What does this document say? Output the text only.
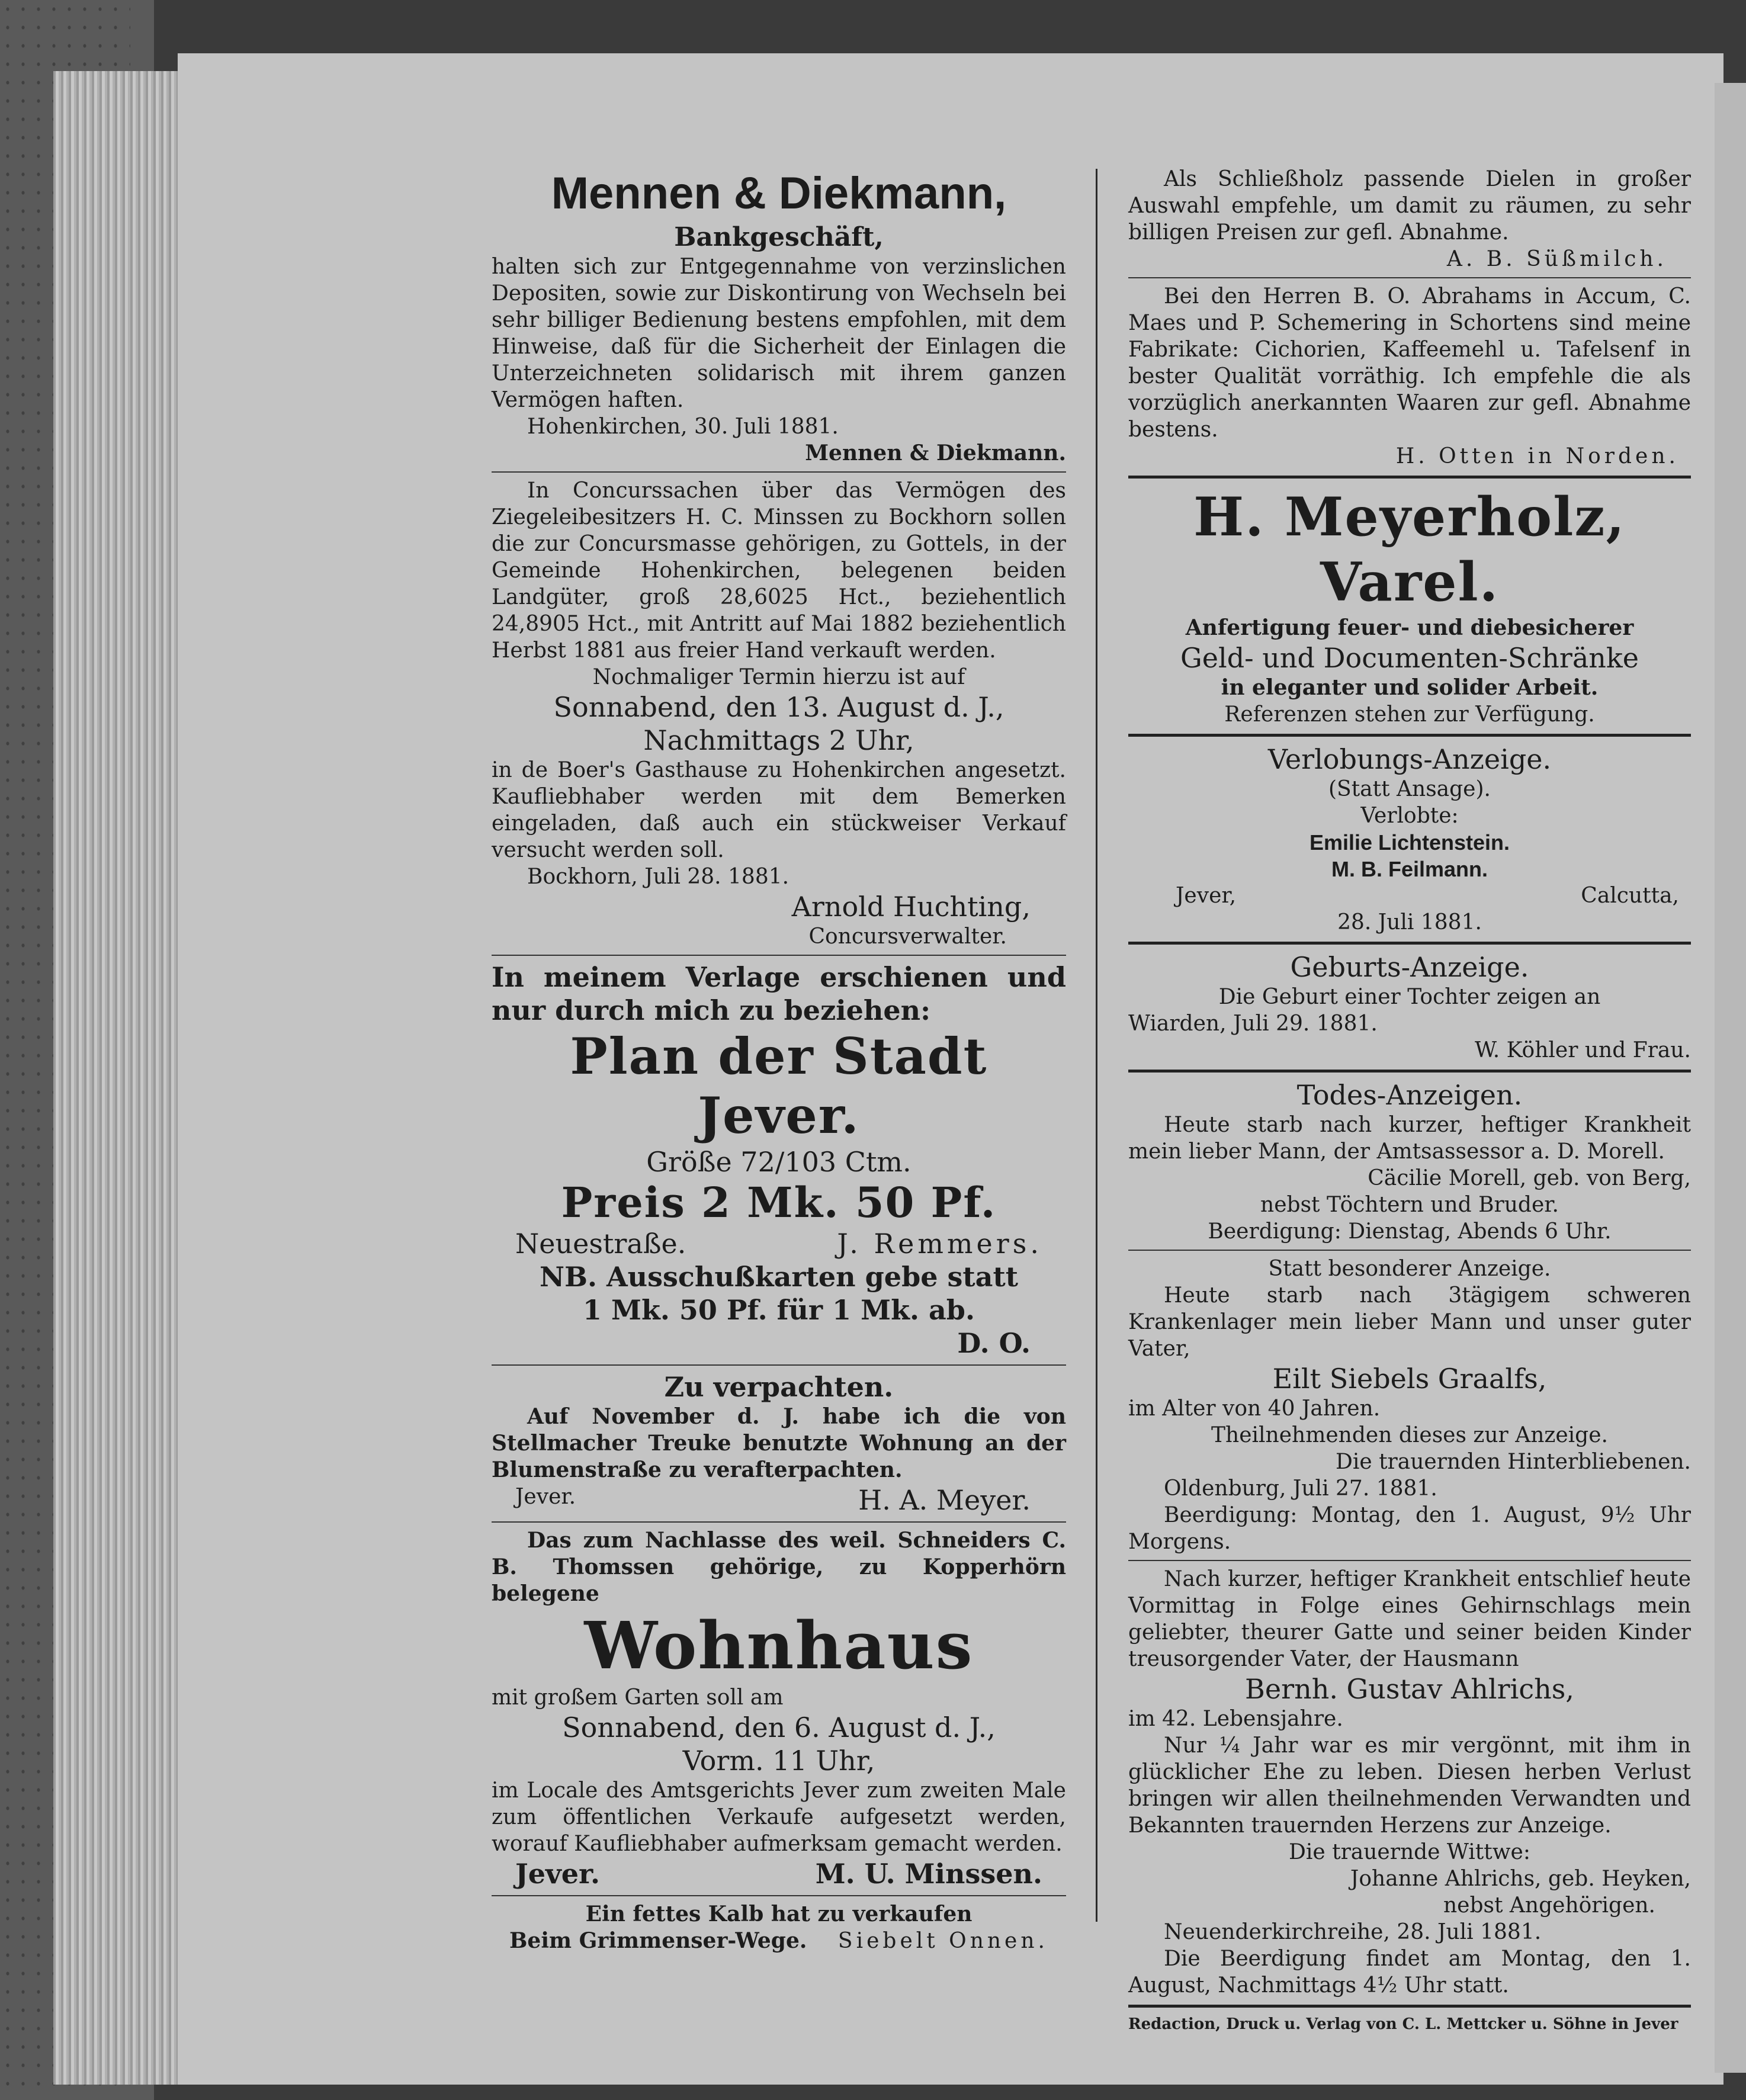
Mennen & Diekmann,

Bankgeschäft,

halten sich zur Entgegennahme von verzinslichen Depositen, sowie zur Diskontirung von Wechseln bei sehr billiger Bedienung bestens empfohlen, mit dem Hinweise, daß für die Sicherheit der Einlagen die Unterzeichneten solidarisch mit ihrem ganzen Vermögen haften.

Hohenkirchen, 30. Juli 1881.

Mennen & Diekmann.

In Concurssachen über das Vermögen des Ziegeleibesitzers H. C. Minssen zu Bockhorn sollen die zur Concursmasse gehörigen, zu Gottels, in der Gemeinde Hohenkirchen, belegenen beiden Landgüter, groß 28,6025 Hct., beziehentlich 24,8905 Hct., mit Antritt auf Mai 1882 beziehentlich Herbst 1881 aus freier Hand verkauft werden.

Nochmaliger Termin hierzu ist auf

Sonnabend, den 13. August d. J.,

Nachmittags 2 Uhr,

in de Boer's Gasthause zu Hohenkirchen angesetzt. Kaufliebhaber werden mit dem Bemerken eingeladen, daß auch ein stückweiser Verkauf versucht werden soll.

Bockhorn, Juli 28. 1881.

Arnold Huchting,

Concursverwalter.

In meinem Verlage erschienen und

nur durch mich zu beziehen:

Plan der Stadt Jever.

Größe 72/103 Ctm.

Preis 2 Mk. 50 Pf.

Neuestraße.	J. Remmers.

NB. Ausschußkarten gebe statt

1 Mk. 50 Pf. für 1 Mk. ab.

D. O.

Zu verpachten.

Auf November d. J. habe ich die von Stellmacher Treuke benutzte Wohnung an der Blumenstraße zu verafterpachten.

Jever.	H. A. Meyer.

Das zum Nachlasse des weil. Schneiders C. B. Thomssen gehörige, zu Kopperhörn belegene

Wohnhaus

mit großem Garten soll am

Sonnabend, den 6. August d. J.,

Vorm. 11 Uhr,

im Locale des Amtsgerichts Jever zum zweiten Male zum öffentlichen Verkaufe aufgesetzt werden, worauf Kaufliebhaber aufmerksam gemacht werden.

Jever.	M. U. Minssen.

Ein fettes Kalb hat zu verkaufen

Beim Grimmenser-Wege. Siebelt Onnen.

Als Schließholz passende Dielen in großer Auswahl empfehle, um damit zu räumen, zu sehr billigen Preisen zur gefl. Abnahme.

A. B. Süßmilch.

Bei den Herren B. O. Abrahams in Accum, C. Maes und P. Schemering in Schortens sind meine Fabrikate: Cichorien, Kaffeemehl u. Tafelsenf in bester Qualität vorräthig. Ich empfehle die als vorzüglich anerkannten Waaren zur gefl. Abnahme bestens.

H. Otten in Norden.

H. Meyerholz, Varel.

Anfertigung feuer- und diebesicherer

Geld- und Documenten-Schränke

in eleganter und solider Arbeit.

Referenzen stehen zur Verfügung.

Verlobungs-Anzeige.

(Statt Ansage).

Verlobte:

Emilie Lichtenstein.

M. B. Feilmann.

Jever,	Calcutta,

28. Juli 1881.

Geburts-Anzeige.

Die Geburt einer Tochter zeigen an

Wiarden, Juli 29. 1881.

W. Köhler und Frau.

Todes-Anzeigen.

Heute starb nach kurzer, heftiger Krankheit mein lieber Mann, der Amtsassessor a. D. Morell.

Cäcilie Morell, geb. von Berg,

nebst Töchtern und Bruder.

Beerdigung: Dienstag, Abends 6 Uhr.

Statt besonderer Anzeige.

Heute starb nach 3tägigem schweren Krankenlager mein lieber Mann und unser guter Vater,

Eilt Siebels Graalfs,

im Alter von 40 Jahren.

Theilnehmenden dieses zur Anzeige.

Die trauernden Hinterbliebenen.

Oldenburg, Juli 27. 1881.

Beerdigung: Montag, den 1. August, 9½ Uhr Morgens.

Nach kurzer, heftiger Krankheit entschlief heute Vormittag in Folge eines Gehirnschlags mein geliebter, theurer Gatte und seiner beiden Kinder treusorgender Vater, der Hausmann

Bernh. Gustav Ahlrichs,

im 42. Lebensjahre.

Nur ¼ Jahr war es mir vergönnt, mit ihm in glücklicher Ehe zu leben. Diesen herben Verlust bringen wir allen theilnehmenden Verwandten und Bekannten trauernden Herzens zur Anzeige.

Die trauernde Wittwe:

Johanne Ahlrichs, geb. Heyken,

nebst Angehörigen.

Neuenderkirchreihe, 28. Juli 1881.

Die Beerdigung findet am Montag, den 1. August, Nachmittags 4½ Uhr statt.

Redaction, Druck u. Verlag von C. L. Mettcker u. Söhne in Jever
